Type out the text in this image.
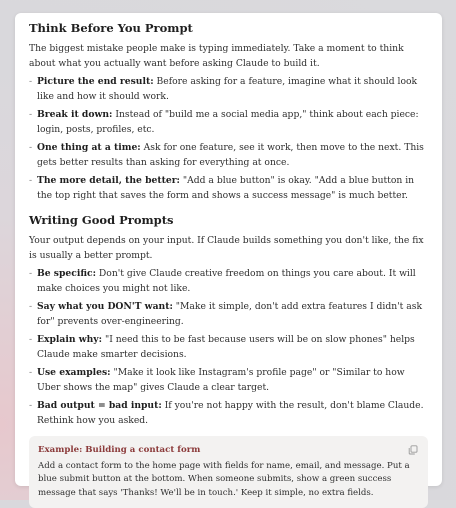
Think Before You Prompt

The biggest mistake people make is typing immediately. Take a moment to think about what you actually want before asking Claude to build it.

- Picture the end result: Before asking for a feature, imagine what it should look like and how it should work.
- Break it down: Instead of "build me a social media app," think about each piece: login, posts, profiles, etc.
- One thing at a time: Ask for one feature, see it work, then move to the next. This gets better results than asking for everything at once.
- The more detail, the better: "Add a blue button" is okay. "Add a blue button in the top right that saves the form and shows a success message" is much better.
Writing Good Prompts

Your output depends on your input. If Claude builds something you don't like, the fix is usually a better prompt.

- Be specific: Don't give Claude creative freedom on things you care about. It will make choices you might not like.
- Say what you DON'T want: "Make it simple, don't add extra features I didn't ask for" prevents over-engineering.
- Explain why: "I need this to be fast because users will be on slow phones" helps Claude make smarter decisions.
- Use examples: "Make it look like Instagram's profile page" or "Similar to how Uber shows the map" gives Claude a clear target.
- Bad output = bad input: If you're not happy with the result, don't blame Claude. Rethink how you asked.
Example: Building a contact form

Add a contact form to the home page with fields for name, email, and message. Put a blue submit button at the bottom. When someone submits, show a green success message that says 'Thanks! We'll be in touch.' Keep it simple, no extra fields.
